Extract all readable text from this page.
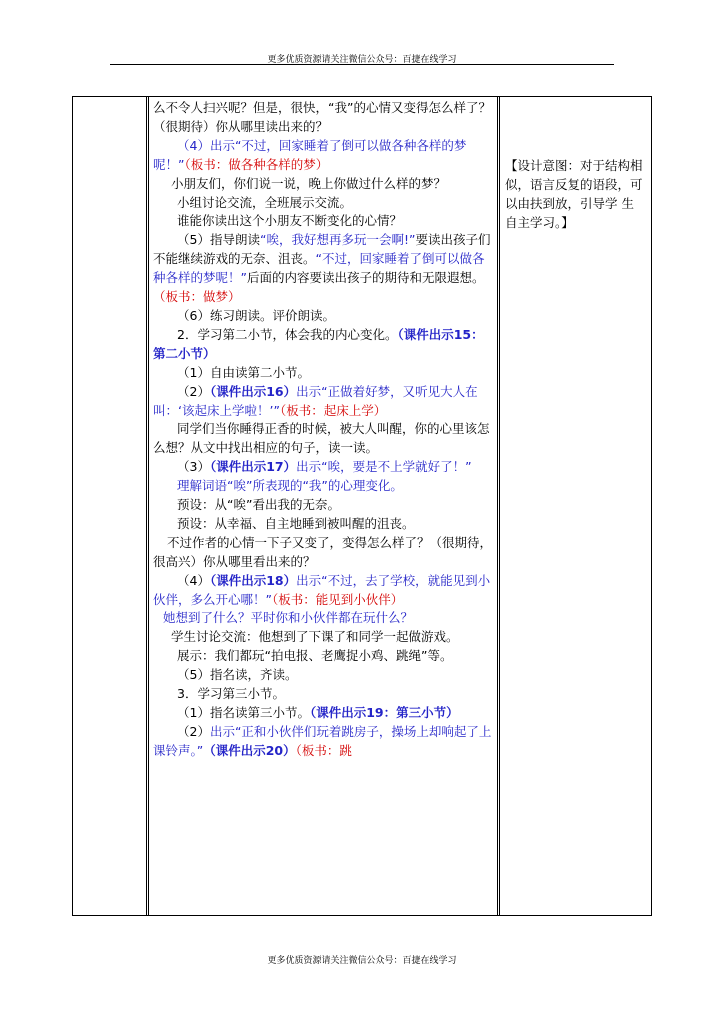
更多优质资源请关注微信公众号：百捷在线学习

么不令人扫兴呢？但是，很快，“我”的心情又变得怎么样了？（很期待）你从哪里读出来的？

（4）出示“不过，回家睡着了倒可以做各种各样的梦呢！”（板书：做各种各样的梦）

小朋友们，你们说一说，晚上你做过什么样的梦？

小组讨论交流，全班展示交流。

谁能你读出这个小朋友不断变化的心情？

（5）指导朗读“唉，我好想再多玩一会啊!”要读出孩子们不能继续游戏的无奈、沮丧。“不过，回家睡着了倒可以做各种各样的梦呢！”后面的内容要读出孩子的期待和无限遐想。（板书：做梦）

（6）练习朗读。评价朗读。

2．学习第二小节，体会我的内心变化。（课件出示15：第二小节）

（1）自由读第二小节。

（2）（课件出示16）出示“正做着好梦，又听见大人在叫：‘该起床上学啦！’”（板书：起床上学）

同学们当你睡得正香的时候，被大人叫醒，你的心里该怎么想？从文中找出相应的句子，读一读。

（3）（课件出示17）出示“唉，要是不上学就好了！”

理解词语“唉”所表现的“我”的心理变化。

预设：从“唉”看出我的无奈。

预设：从幸福、自主地睡到被叫醒的沮丧。

不过作者的心情一下子又变了，变得怎么样了？（很期待，很高兴）你从哪里看出来的？

（4）（课件出示18）出示“不过，去了学校，就能见到小伙伴，多么开心哪！”（板书：能见到小伙伴）

她想到了什么？平时你和小伙伴都在玩什么？

学生讨论交流：他想到了下课了和同学一起做游戏。

展示：我们都玩“拍电报、老鹰捉小鸡、跳绳”等。

（5）指名读，齐读。

3．学习第三小节。

（1）指名读第三小节。（课件出示19：第三小节）

（2）出示“正和小伙伴们玩着跳房子，操场上却响起了上课铃声。”（课件出示20）（板书：跳

【设计意图：对于结构相似，语言反复的语段，可 以由扶到放，引导学 生自主学习。】
更多优质资源请关注微信公众号：百捷在线学习
